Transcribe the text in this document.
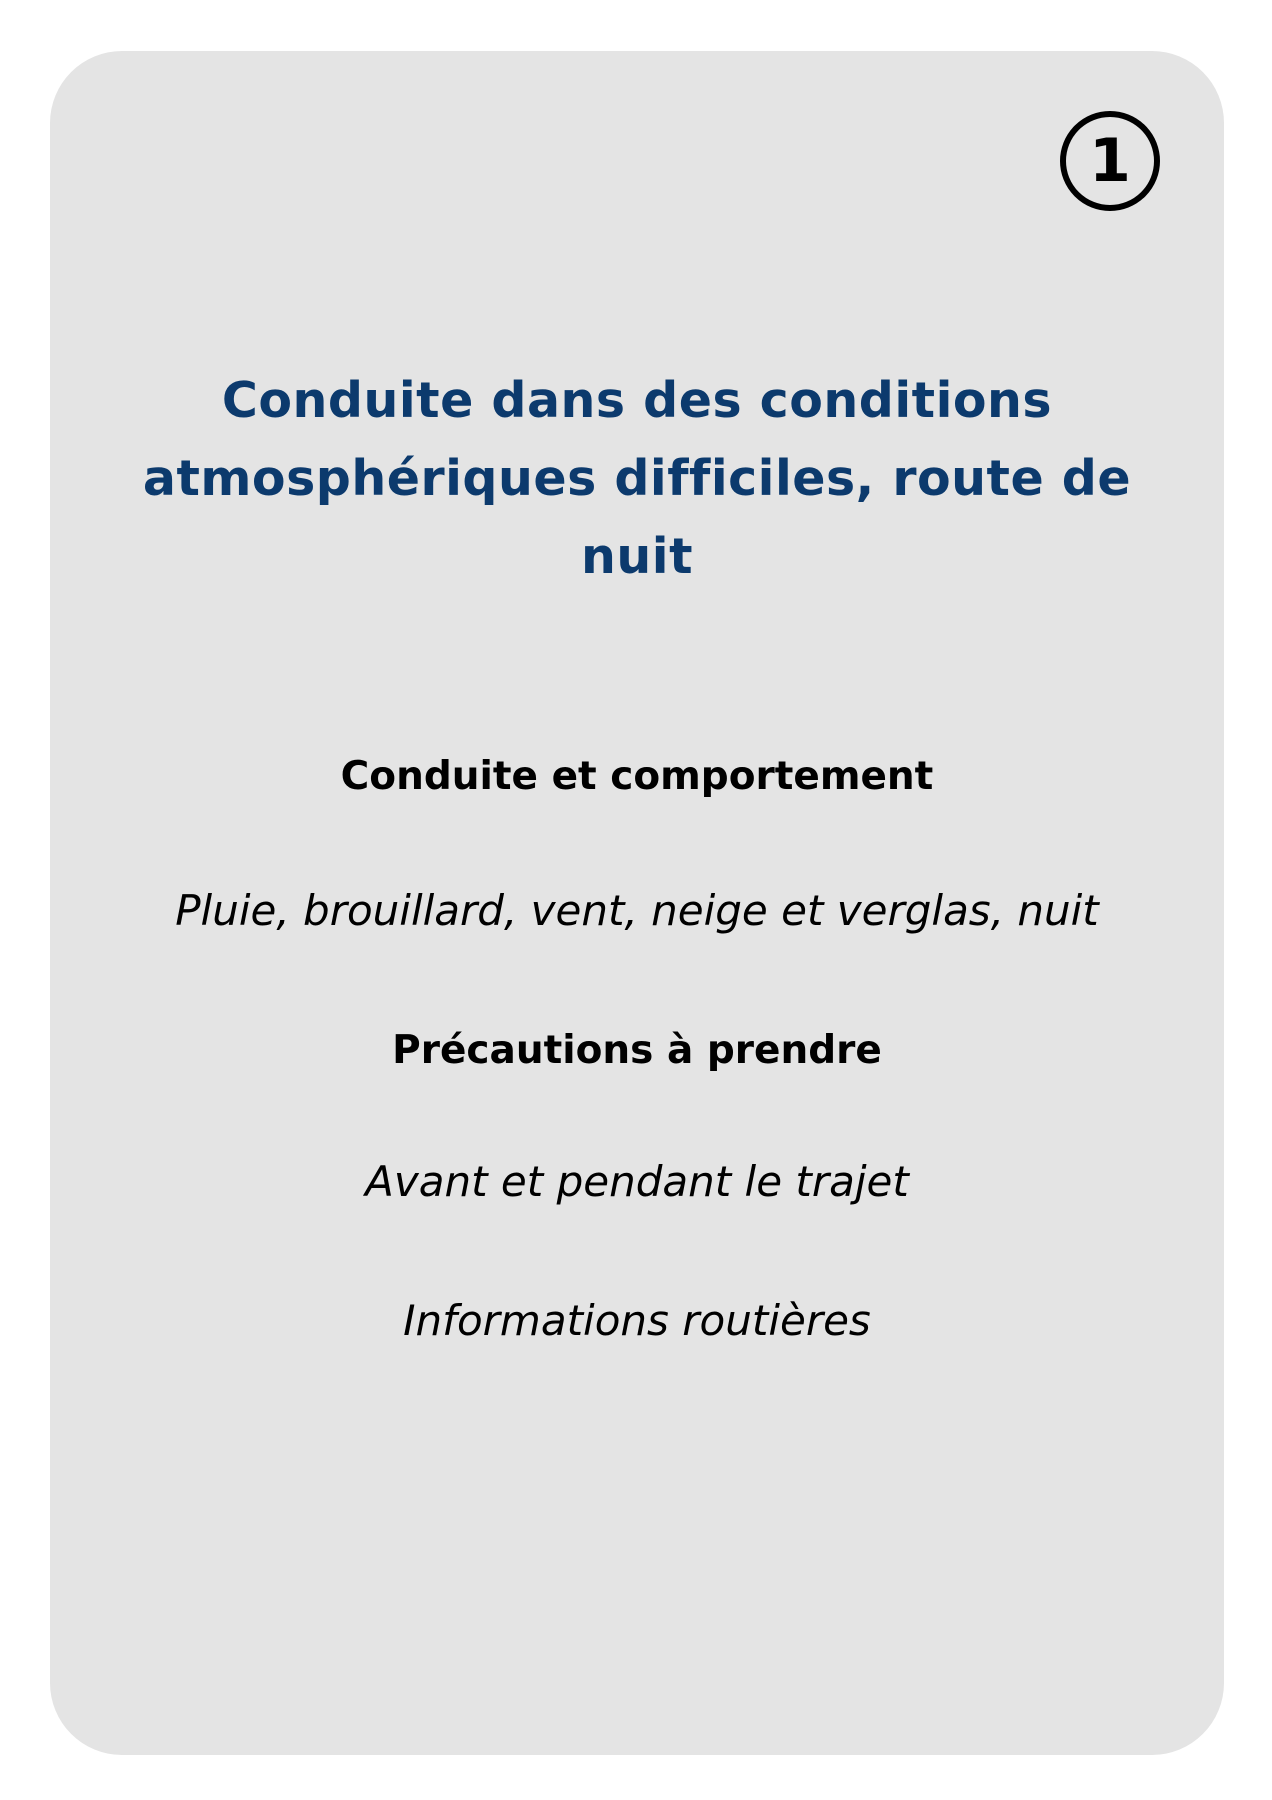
1
Conduite dans des conditions atmosphériques difficiles, route de nuit
Conduite et comportement
Pluie, brouillard, vent, neige et verglas, nuit
Précautions à prendre
Avant et pendant le trajet
Informations routières
